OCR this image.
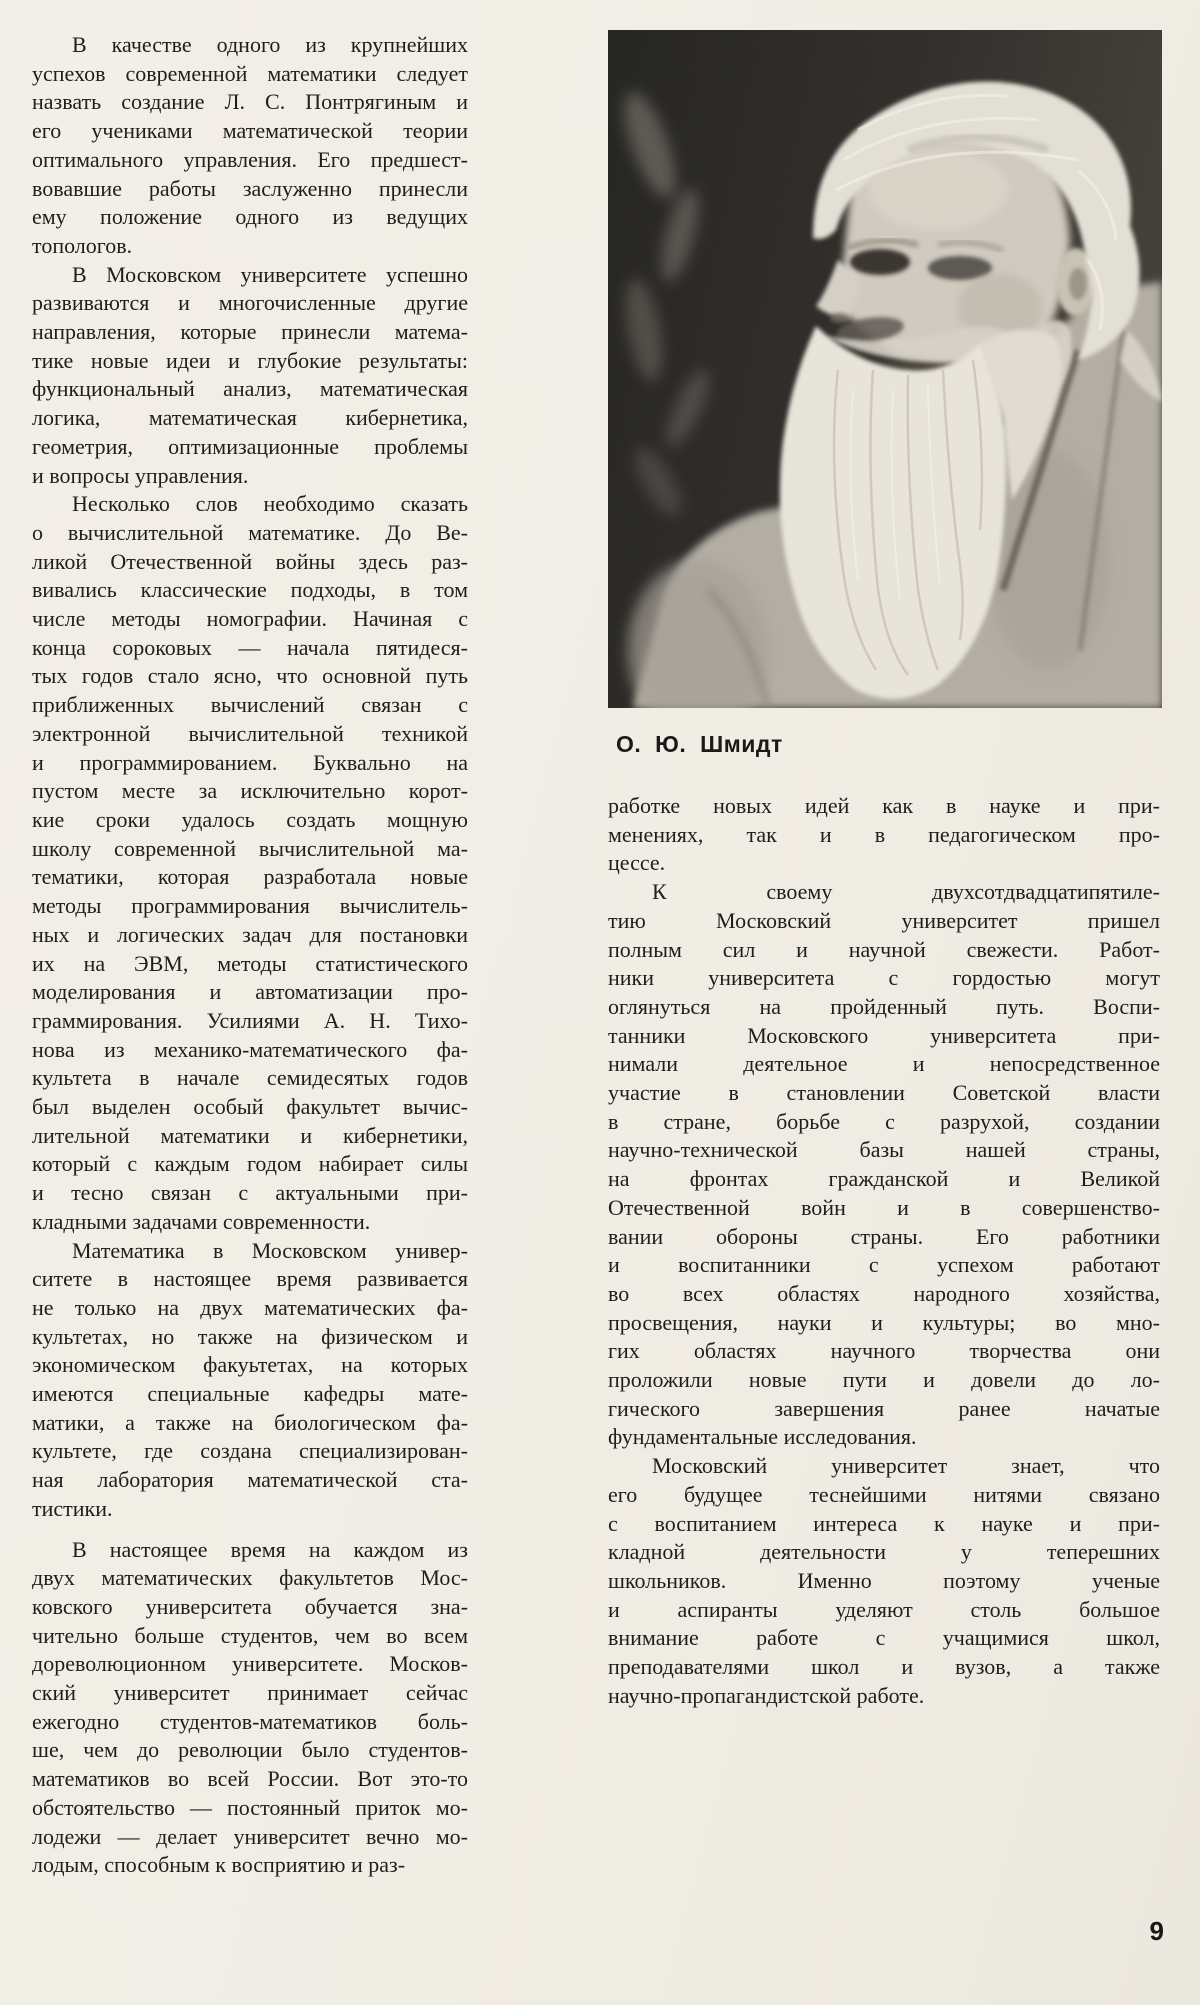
В качестве одного из крупнейших
успехов современной математики следует
назвать создание Л. С. Понтрягиным и
его учениками математической теории
оптимального управления. Его предшест-
вовавшие работы заслуженно принесли
ему положение одного из ведущих
топологов.
В Московском университете успешно
развиваются и многочисленные другие
направления, которые принесли матема-
тике новые идеи и глубокие результаты:
функциональный анализ, математическая
логика, математическая кибернетика,
геометрия, оптимизационные проблемы
и вопросы управления.
Несколько слов необходимо сказать
о вычислительной математике. До Ве-
ликой Отечественной войны здесь раз-
вивались классические подходы, в том
числе методы номографии. Начиная с
конца сороковых — начала пятидеся-
тых годов стало ясно, что основной путь
приближенных вычислений связан с
электронной вычислительной техникой
и программированием. Буквально на
пустом месте за исключительно корот-
кие сроки удалось создать мощную
школу современной вычислительной ма-
тематики, которая разработала новые
методы программирования вычислитель-
ных и логических задач для постановки
их на ЭВМ, методы статистического
моделирования и автоматизации про-
граммирования. Усилиями А. Н. Тихо-
нова из механико-математического фа-
культета в начале семидесятых годов
был выделен особый факультет вычис-
лительной математики и кибернетики,
который с каждым годом набирает силы
и тесно связан с актуальными при-
кладными задачами современности.
Математика в Московском универ-
ситете в настоящее время развивается
не только на двух математических фа-
культетах, но также на физическом и
экономическом факуьтетах, на которых
имеются специальные кафедры мате-
матики, а также на биологическом фа-
культете, где создана специализирован-
ная лаборатория математической ста-
тистики.
В настоящее время на каждом из
двух математических факультетов Мос-
ковского университета обучается зна-
чительно больше студентов, чем во всем
дореволюционном университете. Москов-
ский университет принимает сейчас
ежегодно студентов-математиков боль-
ше, чем до революции было студентов-
математиков во всей России. Вот это-то
обстоятельство — постоянный приток мо-
лодежи — делает университет вечно мо-
лодым, способным к восприятию и раз-
О. Ю. Шмидт
работке новых идей как в науке и при-
менениях, так и в педагогическом про-
цессе.
К своему двухсотдвадцатипятиле-
тию Московский университет пришел
полным сил и научной свежести. Работ-
ники университета с гордостью могут
оглянуться на пройденный путь. Воспи-
танники Московского университета при-
нимали деятельное и непосредственное
участие в становлении Советской власти
в стране, борьбе с разрухой, создании
научно-технической базы нашей страны,
на фронтах гражданской и Великой
Отечественной войн и в совершенство-
вании обороны страны. Его работники
и воспитанники с успехом работают
во всех областях народного хозяйства,
просвещения, науки и культуры; во мно-
гих областях научного творчества они
проложили новые пути и довели до ло-
гического завершения ранее начатые
фундаментальные исследования.
Московский университет знает, что
его будущее теснейшими нитями связано
с воспитанием интереса к науке и при-
кладной деятельности у теперешних
школьников. Именно поэтому ученые
и аспиранты уделяют столь большое
внимание работе с учащимися школ,
преподавателями школ и вузов, а также
научно-пропагандистской работе.
9
